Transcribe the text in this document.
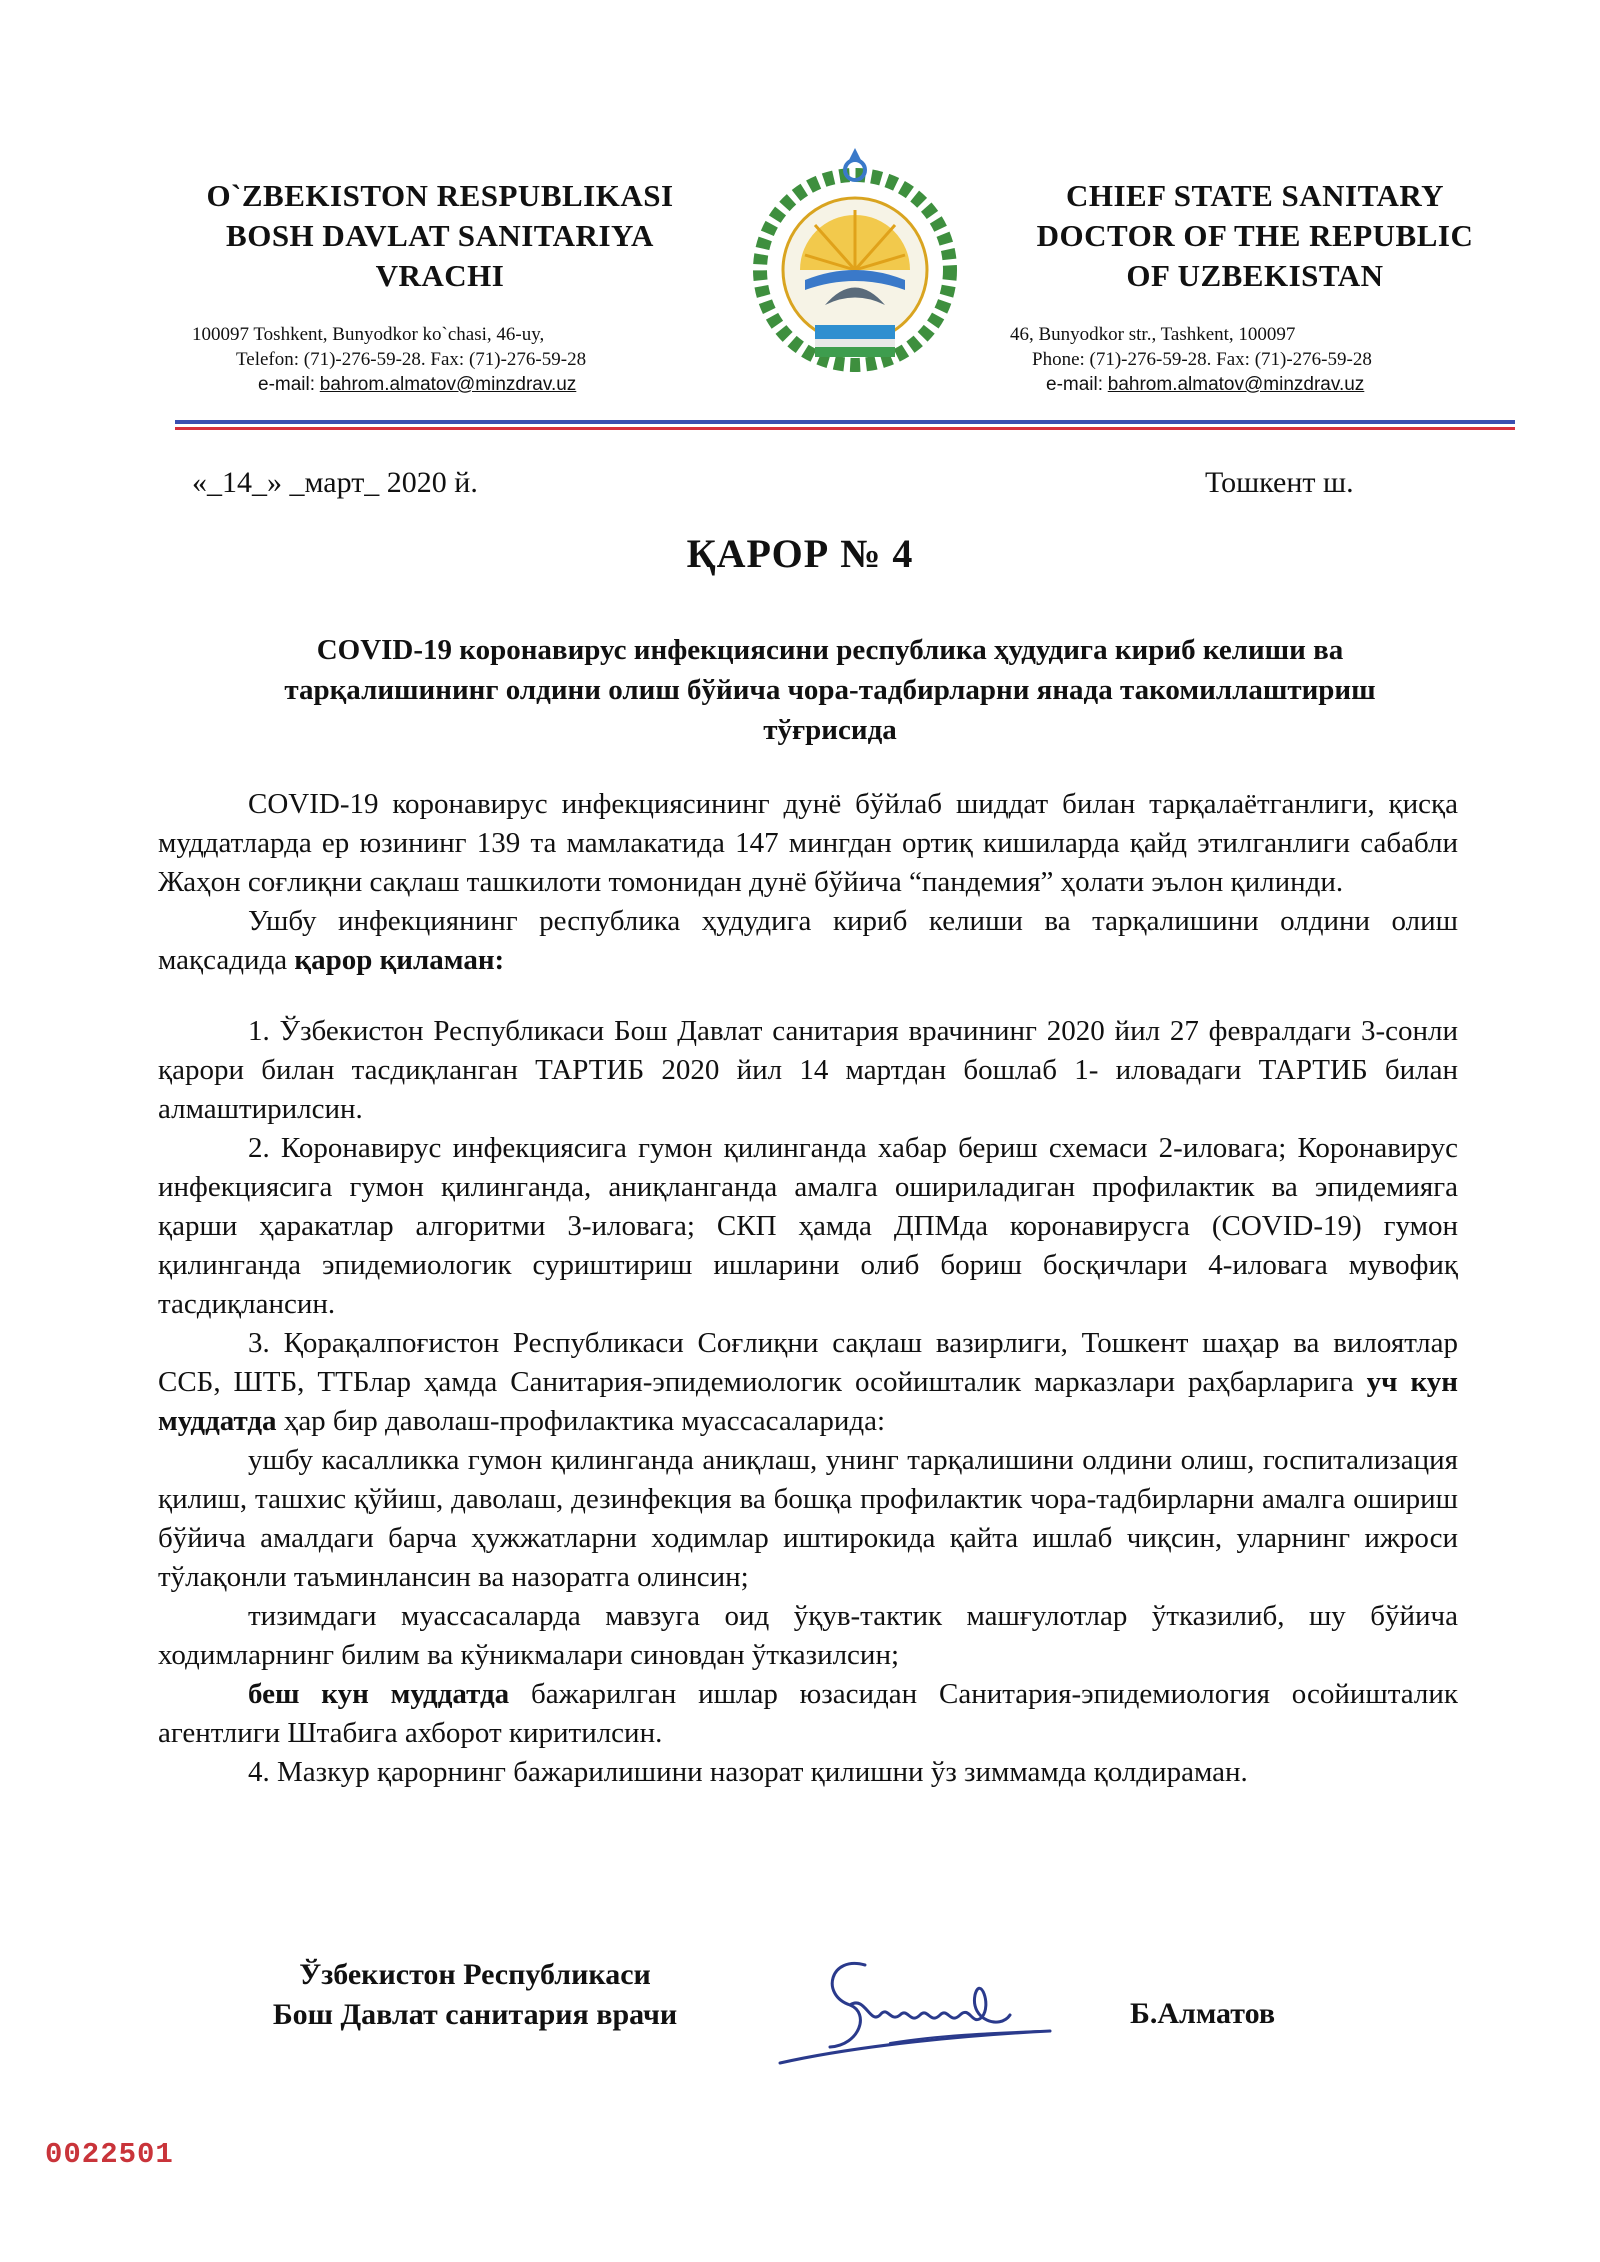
O`ZBEKISTON RESPUBLIKASI
BOSH DAVLAT SANITARIYA
VRACHI
CHIEF STATE SANITARY
DOCTOR OF THE REPUBLIC
OF UZBEKISTAN
100097 Toshkent, Bunyodkor ko`chasi, 46-uy,
Telefon: (71)-276-59-28. Fax: (71)-276-59-28
e-mail: bahrom.almatov@minzdrav.uz
46, Bunyodkor str., Tashkent, 100097
Phone: (71)-276-59-28. Fax: (71)-276-59-28
e-mail: bahrom.almatov@minzdrav.uz
«_14_» _март_ 2020 й.	Тошкент ш.
ҚАРОР № 4
COVID-19 коронавирус инфекциясини республика ҳудудига кириб келиши ва тарқалишининг олдини олиш бўйича чора-тадбирларни янада такомиллаштириш тўғрисида

COVID-19 коронавирус инфекциясининг дунё бўйлаб шиддат билан тарқалаётганлиги, қисқа муддатларда ер юзининг 139 та мамлакатида 147 мингдан ортиқ кишиларда қайд этилганлиги сабабли Жаҳон соғлиқни сақлаш ташкилоти томонидан дунё бўйича “пандемия” ҳолати эълон қилинди.

Ушбу инфекциянинг республика ҳудудига кириб келиши ва тарқалишини олдини олиш мақсадида қарор қиламан:

1. Ўзбекистон Республикаси Бош Давлат санитария врачининг 2020 йил 27 февралдаги 3-сонли қарори билан тасдиқланган ТАРТИБ 2020 йил 14 мартдан бошлаб 1- иловадаги ТАРТИБ билан алмаштирилсин.

2. Коронавирус инфекциясига гумон қилинганда хабар бериш схемаси 2-иловага; Коронавирус инфекциясига гумон қилинганда, аниқланганда амалга ошириладиган профилактик ва эпидемияга қарши ҳаракатлар алгоритми 3-иловага; СКП ҳамда ДПМда коронавирусга (COVID-19) гумон қилинганда эпидемиологик суриштириш ишларини олиб бориш босқичлари 4-иловага мувофиқ тасдиқлансин.

3. Қорақалпоғистон Республикаси Соғлиқни сақлаш вазирлиги, Тошкент шаҳар ва вилоятлар ССБ, ШТБ, ТТБлар ҳамда Санитария-эпидемиологик осойишталик марказлари раҳбарларига уч кун муддатда ҳар бир даволаш-профилактика муассасаларида:

ушбу касалликка гумон қилинганда аниқлаш, унинг тарқалишини олдини олиш, госпитализация қилиш, ташхис қўйиш, даволаш, дезинфекция ва бошқа профилактик чора-тадбирларни амалга ошириш бўйича амалдаги барча ҳужжатларни ходимлар иштирокида қайта ишлаб чиқсин, уларнинг ижроси тўлақонли таъминлансин ва назоратга олинсин;

тизимдаги муассасаларда мавзуга оид ўқув-тактик машғулотлар ўтказилиб, шу бўйича ходимларнинг билим ва кўникмалари синовдан ўтказилсин;

беш кун муддатда бажарилган ишлар юзасидан Санитария-эпидемиология осойишталик агентлиги Штабига ахборот киритилсин.

4. Мазкур қарорнинг бажарилишини назорат қилишни ўз зиммамда қолдираман.

Ўзбекистон Республикаси
Бош Давлат санитария врачи	Б.Алматов
0022501
